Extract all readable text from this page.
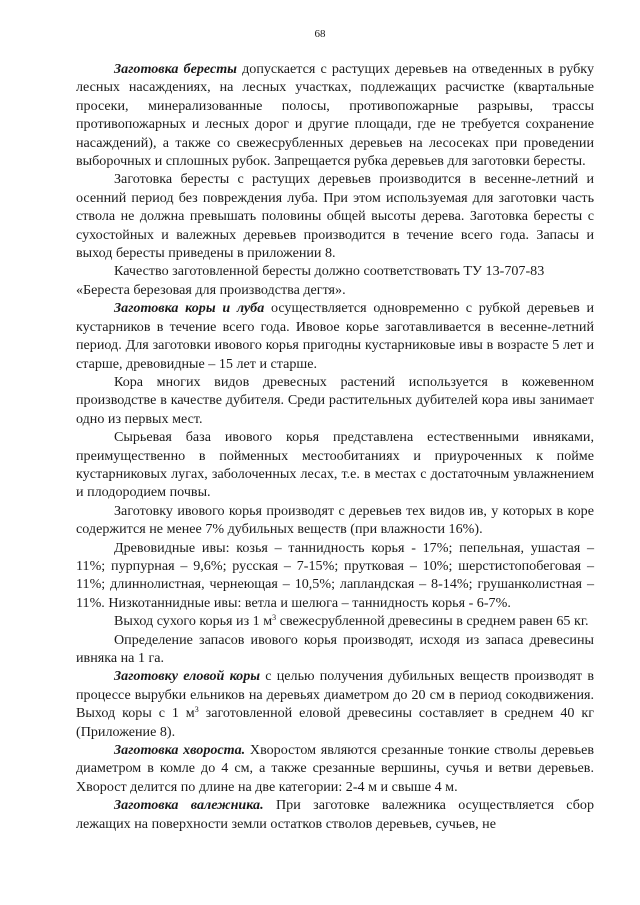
68

Заготовка бересты допускается с растущих деревьев на отведенных в рубку лесных насаждениях, на лесных участках, подлежащих расчистке (квартальные просеки, минерализованные полосы, противопожарные разрывы, трассы противопожарных и лесных дорог и другие площади, где не требуется сохранение насаждений), а также со свежесрубленных деревьев на лесосеках при проведении выборочных и сплошных рубок. Запрещается рубка деревьев для заготовки бересты.

Заготовка бересты с растущих деревьев производится в весенне-летний и осенний период без повреждения луба. При этом используемая для заготовки часть ствола не должна превышать половины общей высоты дерева. Заготовка бересты с сухостойных и валежных деревьев производится в течение всего года. Запасы и выход бересты приведены в приложении 8.

Качество заготовленной бересты должно соответствовать ТУ 13-707-83

«Береста березовая для производства дегтя».

Заготовка коры и луба осуществляется одновременно с рубкой деревьев и кустарников в течение всего года. Ивовое корье заготавливается в весенне-летний период. Для заготовки ивового корья пригодны кустарниковые ивы в возрасте 5 лет и старше, древовидные – 15 лет и старше.

Кора многих видов древесных растений используется в кожевенном производстве в качестве дубителя. Среди растительных дубителей кора ивы занимает одно из первых мест.

Сырьевая база ивового корья представлена естественными ивняками, преимущественно в пойменных местообитаниях и приуроченных к пойме кустарниковых лугах, заболоченных лесах, т.е. в местах с достаточным увлажнением и плодородием почвы.

Заготовку ивового корья производят с деревьев тех видов ив, у которых в коре содержится не менее 7% дубильных веществ (при влажности 16%).

Древовидные ивы: козья – таннидность корья - 17%; пепельная, ушастая – 11%; пурпурная – 9,6%; русская – 7-15%; прутковая – 10%; шерстистопобеговая – 11%; длиннолистная, чернеющая – 10,5%; лапландская – 8-14%; грушанколистная – 11%. Низкотаннидные ивы: ветла и шелюга – таннидность корья - 6-7%.

Выход сухого корья из 1 $м^3$ свежесрубленной древесины в среднем равен 65 кг.

Определение запасов ивового корья производят, исходя из запаса древесины ивняка на 1 га.

Заготовку еловой коры с целью получения дубильных веществ производят в процессе вырубки ельников на деревьях диаметром до 20 см в период сокодвижения. Выход коры с 1 $м^3$ заготовленной еловой древесины составляет в среднем 40 кг (Приложение 8).

Заготовка хвороста. Хворостом являются срезанные тонкие стволы деревьев диаметром в комле до 4 см, а также срезанные вершины, сучья и ветви деревьев. Хворост делится по длине на две категории: 2-4 м и свыше 4 м.

Заготовка валежника. При заготовке валежника осуществляется сбор лежащих на поверхности земли остатков стволов деревьев, сучьев, не
